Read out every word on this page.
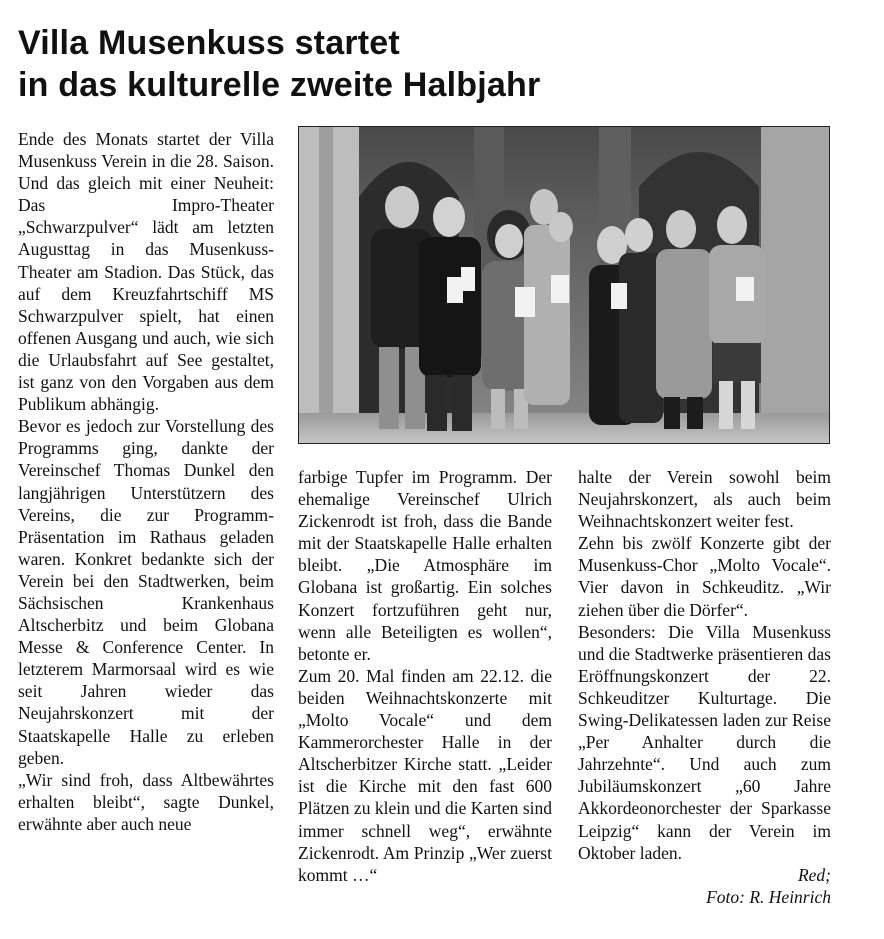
Villa Musenkuss startet
in das kulturelle zweite Halbjahr

Ende des Monats startet der Villa Musenkuss Verein in die 28. Saison. Und das gleich mit einer Neuheit: Das Impro-Theater „Schwarzpulver“ lädt am letzten Augusttag in das Musenkuss-Theater am Stadion. Das Stück, das auf dem Kreuzfahrtschiff MS Schwarzpulver spielt, hat einen offenen Ausgang und auch, wie sich die Urlaubsfahrt auf See gestaltet, ist ganz von den Vorgaben aus dem Publikum abhängig.

Bevor es jedoch zur Vorstellung des Programms ging, dankte der Vereinschef Thomas Dunkel den langjährigen Unterstützern des Vereins, die zur Programm-Präsentation im Rathaus geladen waren. Konkret bedankte sich der Verein bei den Stadtwerken, beim Sächsischen Krankenhaus Altscherbitz und beim Globana Messe & Conference Center. In letzterem Marmorsaal wird es wie seit Jahren wieder das Neujahrskonzert mit der Staatskapelle Halle zu erleben geben.

„Wir sind froh, dass Altbewährtes erhalten bleibt“, sagte Dunkel, erwähnte aber auch neue

farbige Tupfer im Programm. Der ehemalige Vereinschef Ulrich Zickenrodt ist froh, dass die Bande mit der Staatskapelle Halle erhalten bleibt. „Die Atmosphäre im Globana ist großartig. Ein solches Konzert fortzuführen geht nur, wenn alle Beteiligten es wollen“, betonte er.

Zum 20. Mal finden am 22.12. die beiden Weihnachtskonzerte mit „Molto Vocale“ und dem Kammerorchester Halle in der Altscherbitzer Kirche statt. „Leider ist die Kirche mit den fast 600 Plätzen zu klein und die Karten sind immer schnell weg“, erwähnte Zickenrodt. Am Prinzip „Wer zuerst kommt …“

halte der Verein sowohl beim Neujahrskonzert, als auch beim Weihnachtskonzert weiter fest.

Zehn bis zwölf Konzerte gibt der Musenkuss-Chor „Molto Vocale“. Vier davon in Schkeuditz. „Wir ziehen über die Dörfer“.

Besonders: Die Villa Musenkuss und die Stadtwerke präsentieren das Eröffnungskonzert der 22. Schkeuditzer Kulturtage. Die Swing-Delikatessen laden zur Reise „Per Anhalter durch die Jahrzehnte“. Und auch zum Jubiläumskonzert „60 Jahre Akkordeonorchester der Sparkasse Leipzig“ kann der Verein im Oktober laden.

Red;

Foto: R. Heinrich
